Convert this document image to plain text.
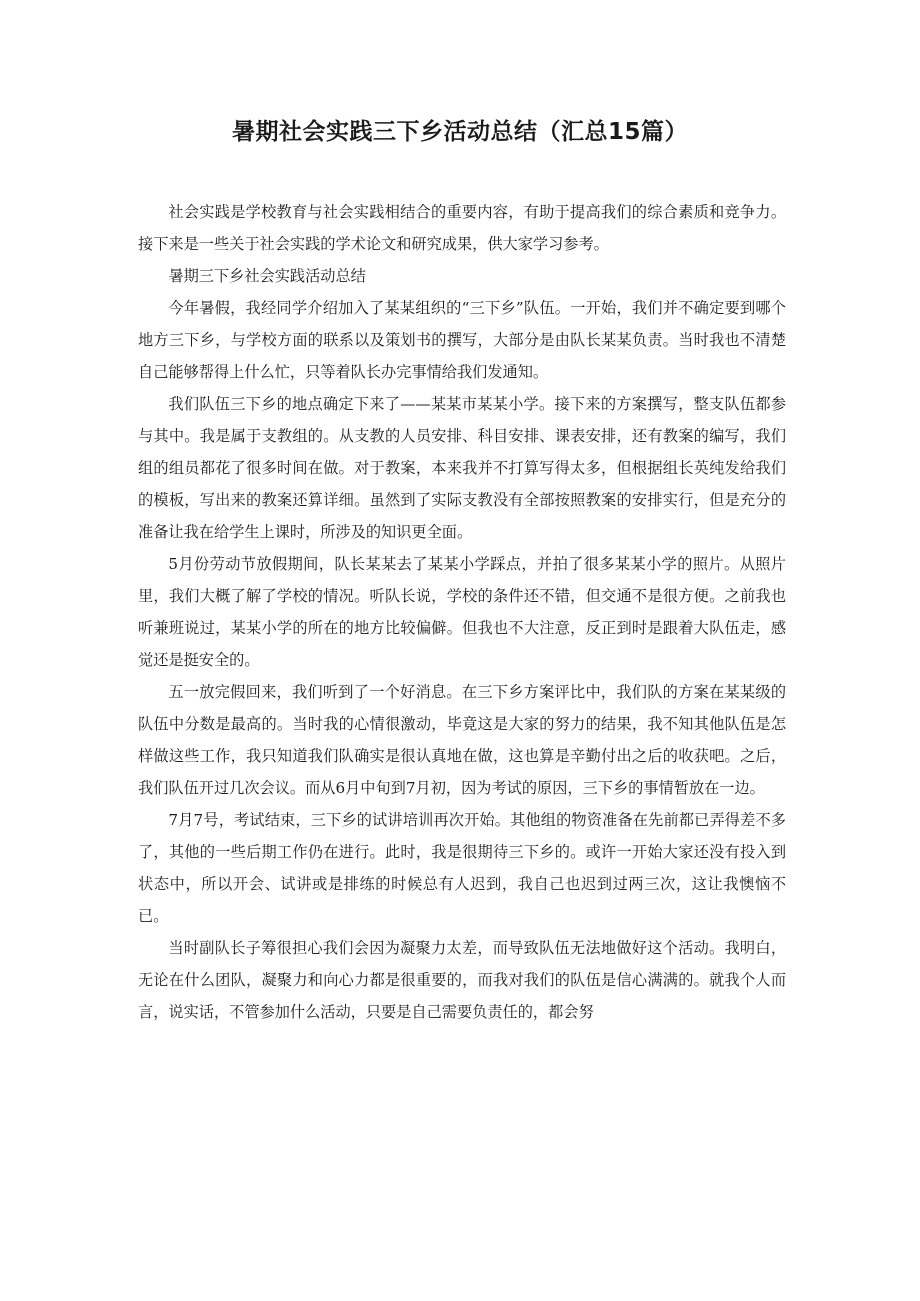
暑期社会实践三下乡活动总结（汇总15篇）

社会实践是学校教育与社会实践相结合的重要内容，有助于提高我们的综合素质和竞争力。接下来是一些关于社会实践的学术论文和研究成果，供大家学习参考。

暑期三下乡社会实践活动总结

今年暑假，我经同学介绍加入了某某组织的“三下乡”队伍。一开始，我们并不确定要到哪个地方三下乡，与学校方面的联系以及策划书的撰写，大部分是由队长某某负责。当时我也不清楚自己能够帮得上什么忙，只等着队长办完事情给我们发通知。

我们队伍三下乡的地点确定下来了——某某市某某小学。接下来的方案撰写，整支队伍都参与其中。我是属于支教组的。从支教的人员安排、科目安排、课表安排，还有教案的编写，我们组的组员都花了很多时间在做。对于教案，本来我并不打算写得太多，但根据组长英纯发给我们的模板，写出来的教案还算详细。虽然到了实际支教没有全部按照教案的安排实行，但是充分的准备让我在给学生上课时，所涉及的知识更全面。

5月份劳动节放假期间，队长某某去了某某小学踩点，并拍了很多某某小学的照片。从照片里，我们大概了解了学校的情况。听队长说，学校的条件还不错，但交通不是很方便。之前我也听兼班说过，某某小学的所在的地方比较偏僻。但我也不大注意，反正到时是跟着大队伍走，感觉还是挺安全的。

五一放完假回来，我们听到了一个好消息。在三下乡方案评比中，我们队的方案在某某级的队伍中分数是最高的。当时我的心情很激动，毕竟这是大家的努力的结果，我不知其他队伍是怎样做这些工作，我只知道我们队确实是很认真地在做，这也算是辛勤付出之后的收获吧。之后，我们队伍开过几次会议。而从6月中旬到7月初，因为考试的原因，三下乡的事情暂放在一边。

7月7号，考试结束，三下乡的试讲培训再次开始。其他组的物资准备在先前都已弄得差不多了，其他的一些后期工作仍在进行。此时，我是很期待三下乡的。或许一开始大家还没有投入到状态中，所以开会、试讲或是排练的时候总有人迟到，我自己也迟到过两三次，这让我懊恼不已。

当时副队长子筹很担心我们会因为凝聚力太差，而导致队伍无法地做好这个活动。我明白，无论在什么团队，凝聚力和向心力都是很重要的，而我对我们的队伍是信心满满的。就我个人而言，说实话，不管参加什么活动，只要是自己需要负责任的，都会努
